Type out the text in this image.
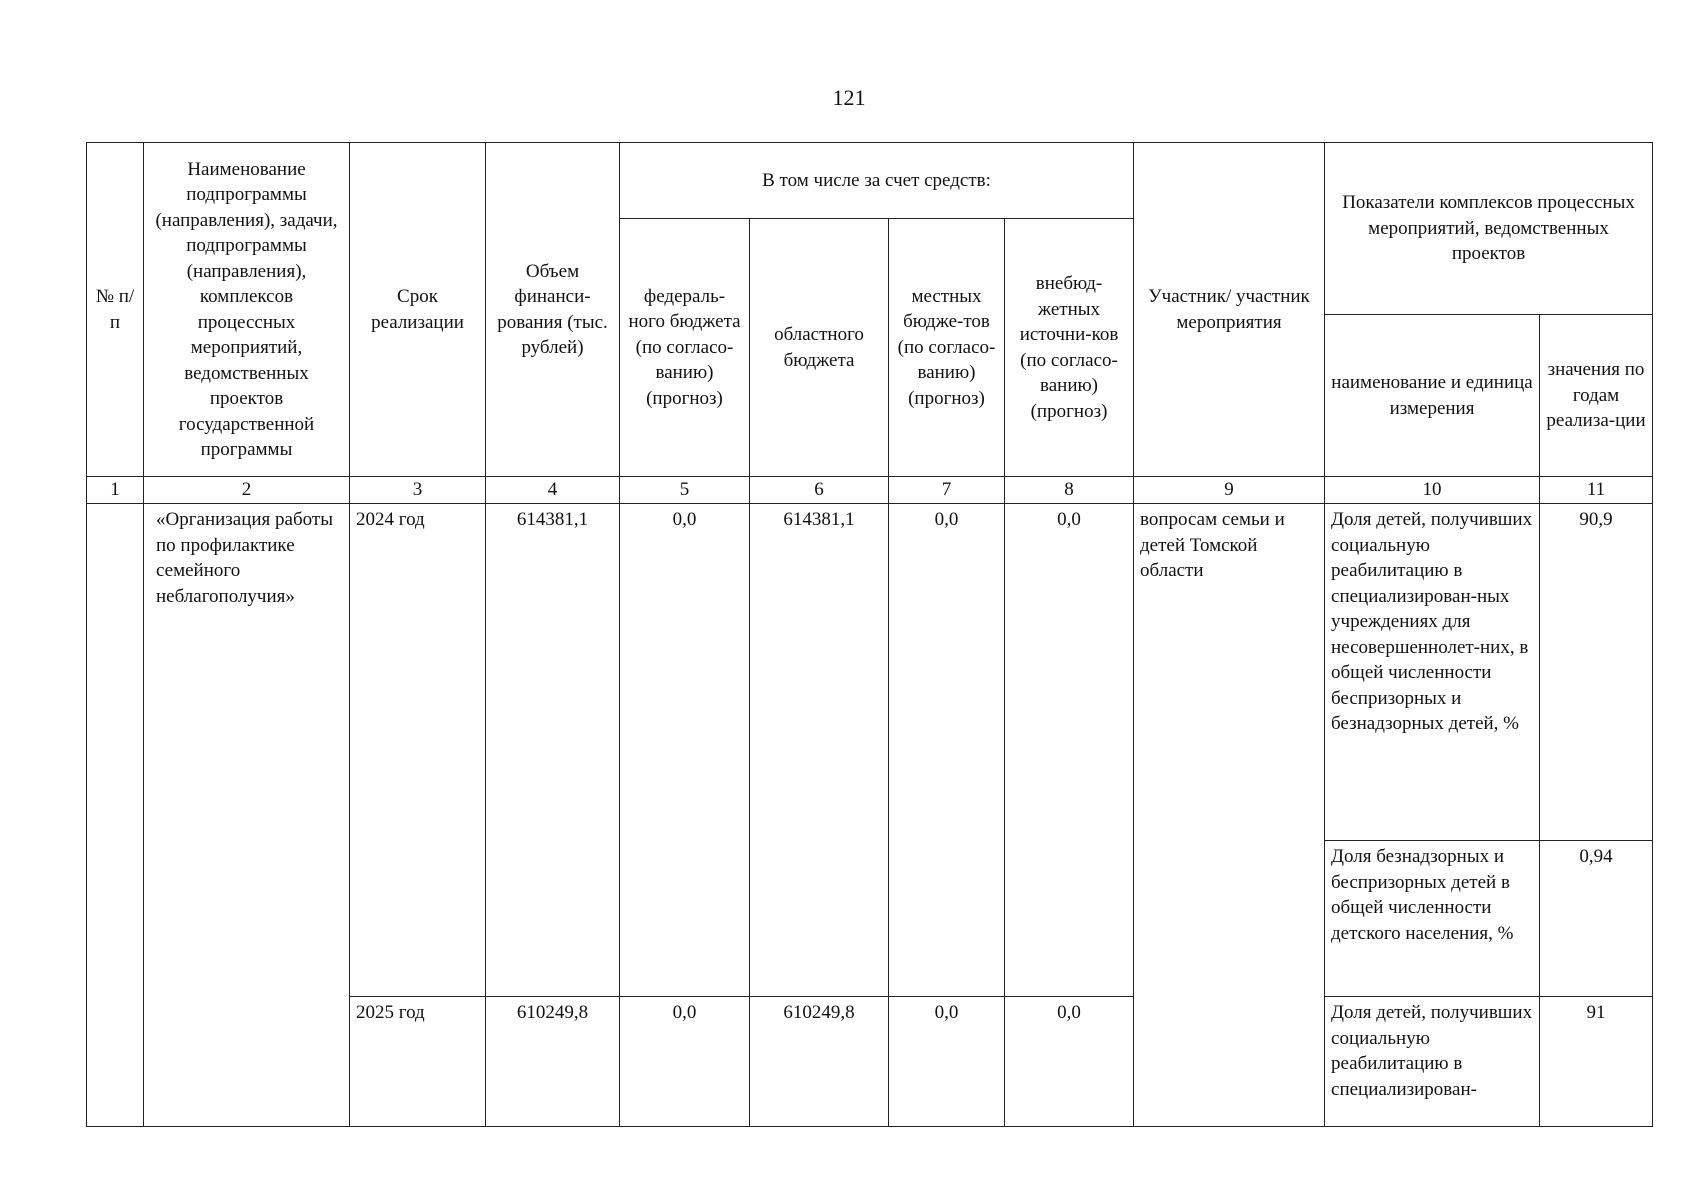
121
№ п/п	Наименование подпрограммы (направления), задачи, подпрограммы (направления), комплексов процессных мероприятий, ведомственных проектов государственной программы	Срок реализации	Объем финанси-рования (тыс. рублей)	В том числе за счет средств:				Участник/ участник мероприятия	Показатели комплексов процессных мероприятий, ведомственных проектов	
				федераль-ного бюджета (по согласо-ванию) (прогноз)	областного бюджета	местных бюдже-тов (по согласо-ванию) (прогноз)	внебюд-жетных источни-ков (по согласо-ванию) (прогноз)			
									наименование и единица измерения	значения по годам реализа-ции
1	2	3	4	5	6	7	8	9	10	11
	«Организация работы по профилактике семейного неблагополучия»	2024 год	614381,1	0,0	614381,1	0,0	0,0	вопросам семьи и детей Томской области	Доля детей, получивших социальную реабилитацию в специализирован-ных учреждениях для несовершеннолет-них, в общей численности беспризорных и безнадзорных детей, %	90,9
									Доля безнадзорных и беспризорных детей в общей численности детского населения, %	0,94
		2025 год	610249,8	0,0	610249,8	0,0	0,0		Доля детей, получивших социальную реабилитацию в специализирован-	91
